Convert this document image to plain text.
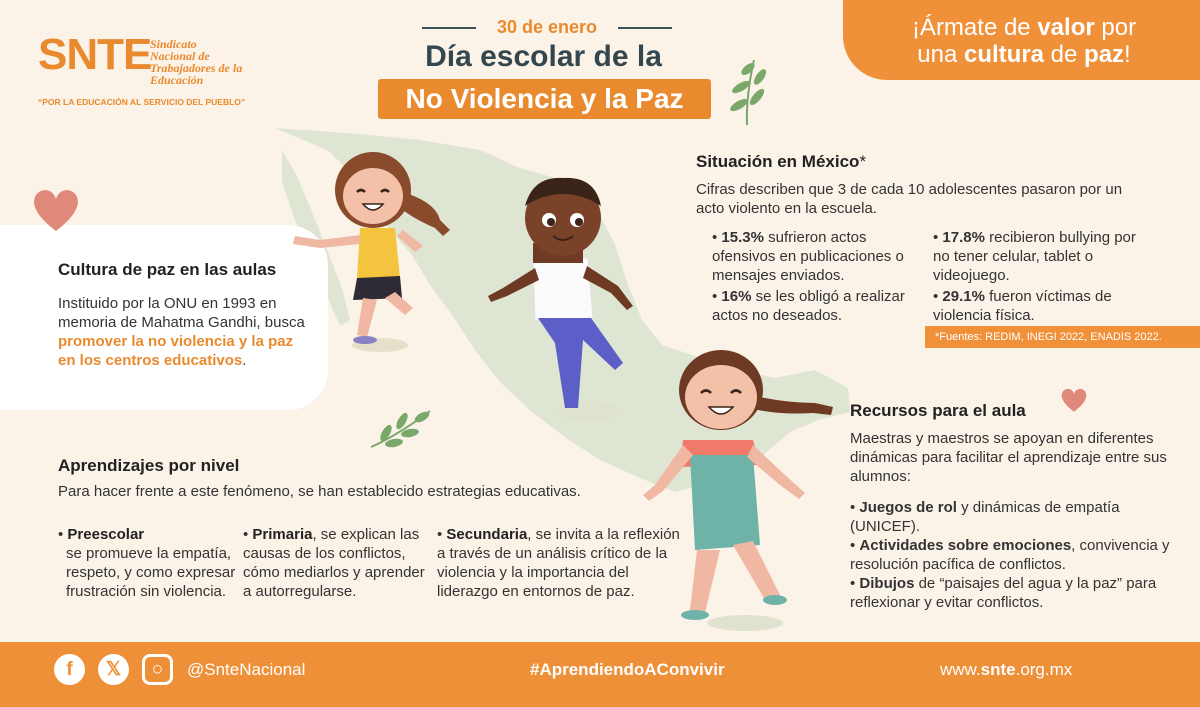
SNTE
Sindicato
Nacional de
Trabajadores de la
Educación
“POR LA EDUCACIÓN AL SERVICIO DEL PUEBLO”
30 de enero
Día escolar de la
No Violencia y la Paz
¡Ármate de valor por
una cultura de paz!
Situación en México*
Cifras describen que 3 de cada 10 adolescentes pasaron por un acto violento en la escuela.
• 15.3% sufrieron actos ofensivos en publicaciones o mensajes enviados.
• 16% se les obligó a realizar actos no deseados.
• 17.8% recibieron bullying por no tener celular, tablet o videojuego.
• 29.1% fueron víctimas de violencia física.
*Fuentes: REDIM, INEGI 2022, ENADIS 2022.
Cultura de paz en las aulas
Instituido por la ONU en 1993 en memoria de Mahatma Gandhi, busca promover la no violencia y la paz en los centros educativos.
Aprendizajes por nivel
Para hacer frente a este fenómeno, se han establecido estrategias educativas.
• Preescolar

se promueve la empatía, respeto, y como expresar frustración sin violencia.
• Primaria, se explican las causas de los conflictos, cómo mediarlos y aprender a autorregularse.
• Secundaria, se invita a la reflexión a través de un análisis crítico de la violencia y la importancia del liderazgo en entornos de paz.
Recursos para el aula
Maestras y maestros se apoyan en diferentes dinámicas para facilitar el aprendizaje entre sus alumnos:
• Juegos de rol y dinámicas de empatía (UNICEF).
• Actividades sobre emociones, convivencia y resolución pacífica de conflictos.
• Dibujos de “paisajes del agua y la paz” para reflexionar y evitar conflictos.
f	𝕏	○	@SnteNacional	#AprendiendoAConvivir	www.snte.org.mx
